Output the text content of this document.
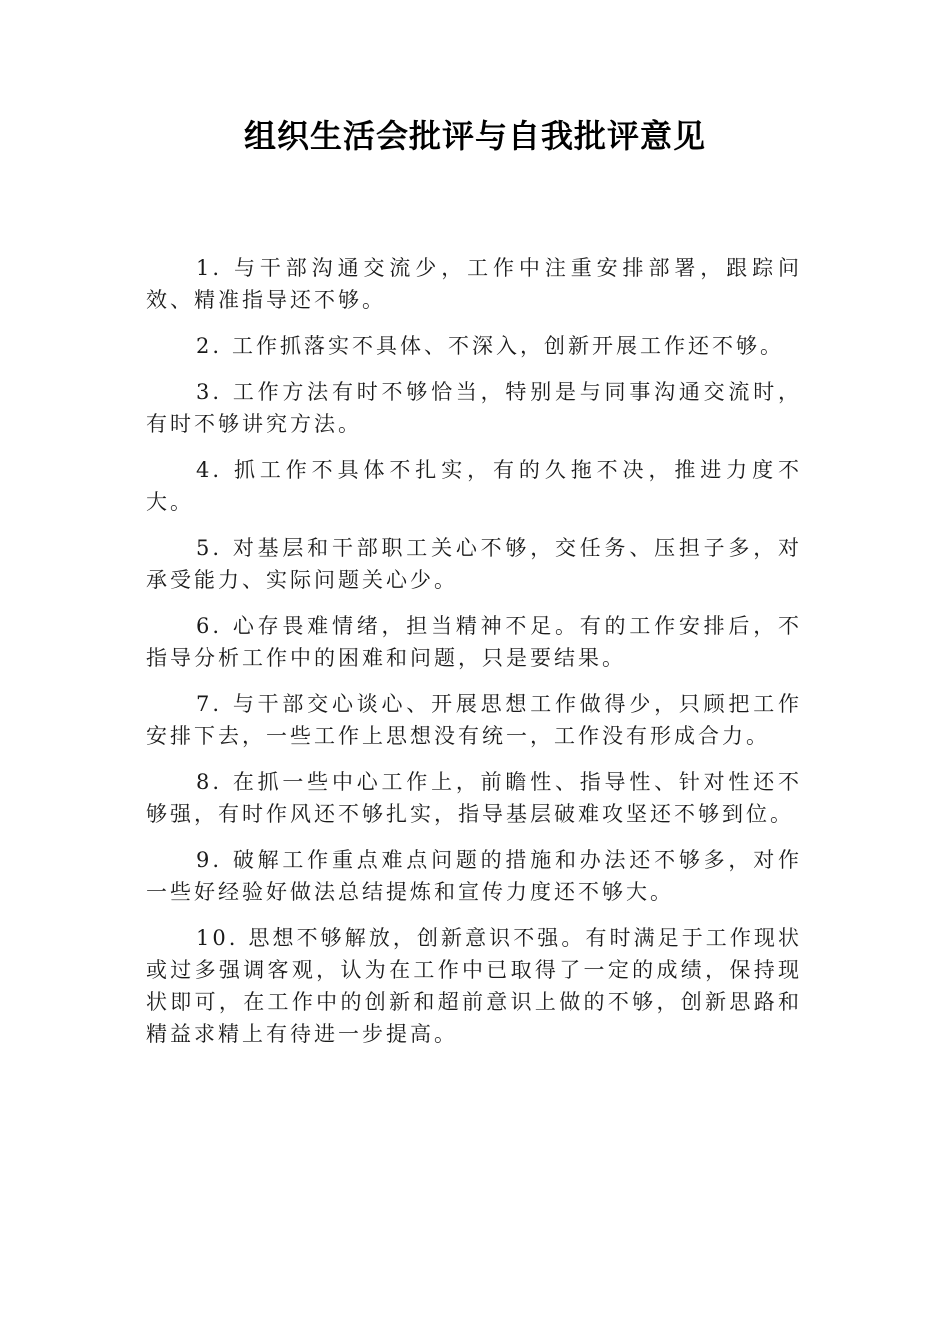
组织生活会批评与自我批评意见

1. 与干部沟通交流少，工作中注重安排部署，跟踪问效、精准指导还不够。

2. 工作抓落实不具体、不深入，创新开展工作还不够。

3. 工作方法有时不够恰当，特别是与同事沟通交流时，有时不够讲究方法。

4. 抓工作不具体不扎实，有的久拖不决，推进力度不大。

5. 对基层和干部职工关心不够，交任务、压担子多，对承受能力、实际问题关心少。

6. 心存畏难情绪，担当精神不足。有的工作安排后，不指导分析工作中的困难和问题，只是要结果。

7. 与干部交心谈心、开展思想工作做得少，只顾把工作安排下去，一些工作上思想没有统一，工作没有形成合力。

8. 在抓一些中心工作上，前瞻性、指导性、针对性还不够强，有时作风还不够扎实，指导基层破难攻坚还不够到位。

9. 破解工作重点难点问题的措施和办法还不够多，对作一些好经验好做法总结提炼和宣传力度还不够大。

10. 思想不够解放，创新意识不强。有时满足于工作现状或过多强调客观，认为在工作中已取得了一定的成绩，保持现状即可，在工作中的创新和超前意识上做的不够，创新思路和精益求精上有待进一步提高。
